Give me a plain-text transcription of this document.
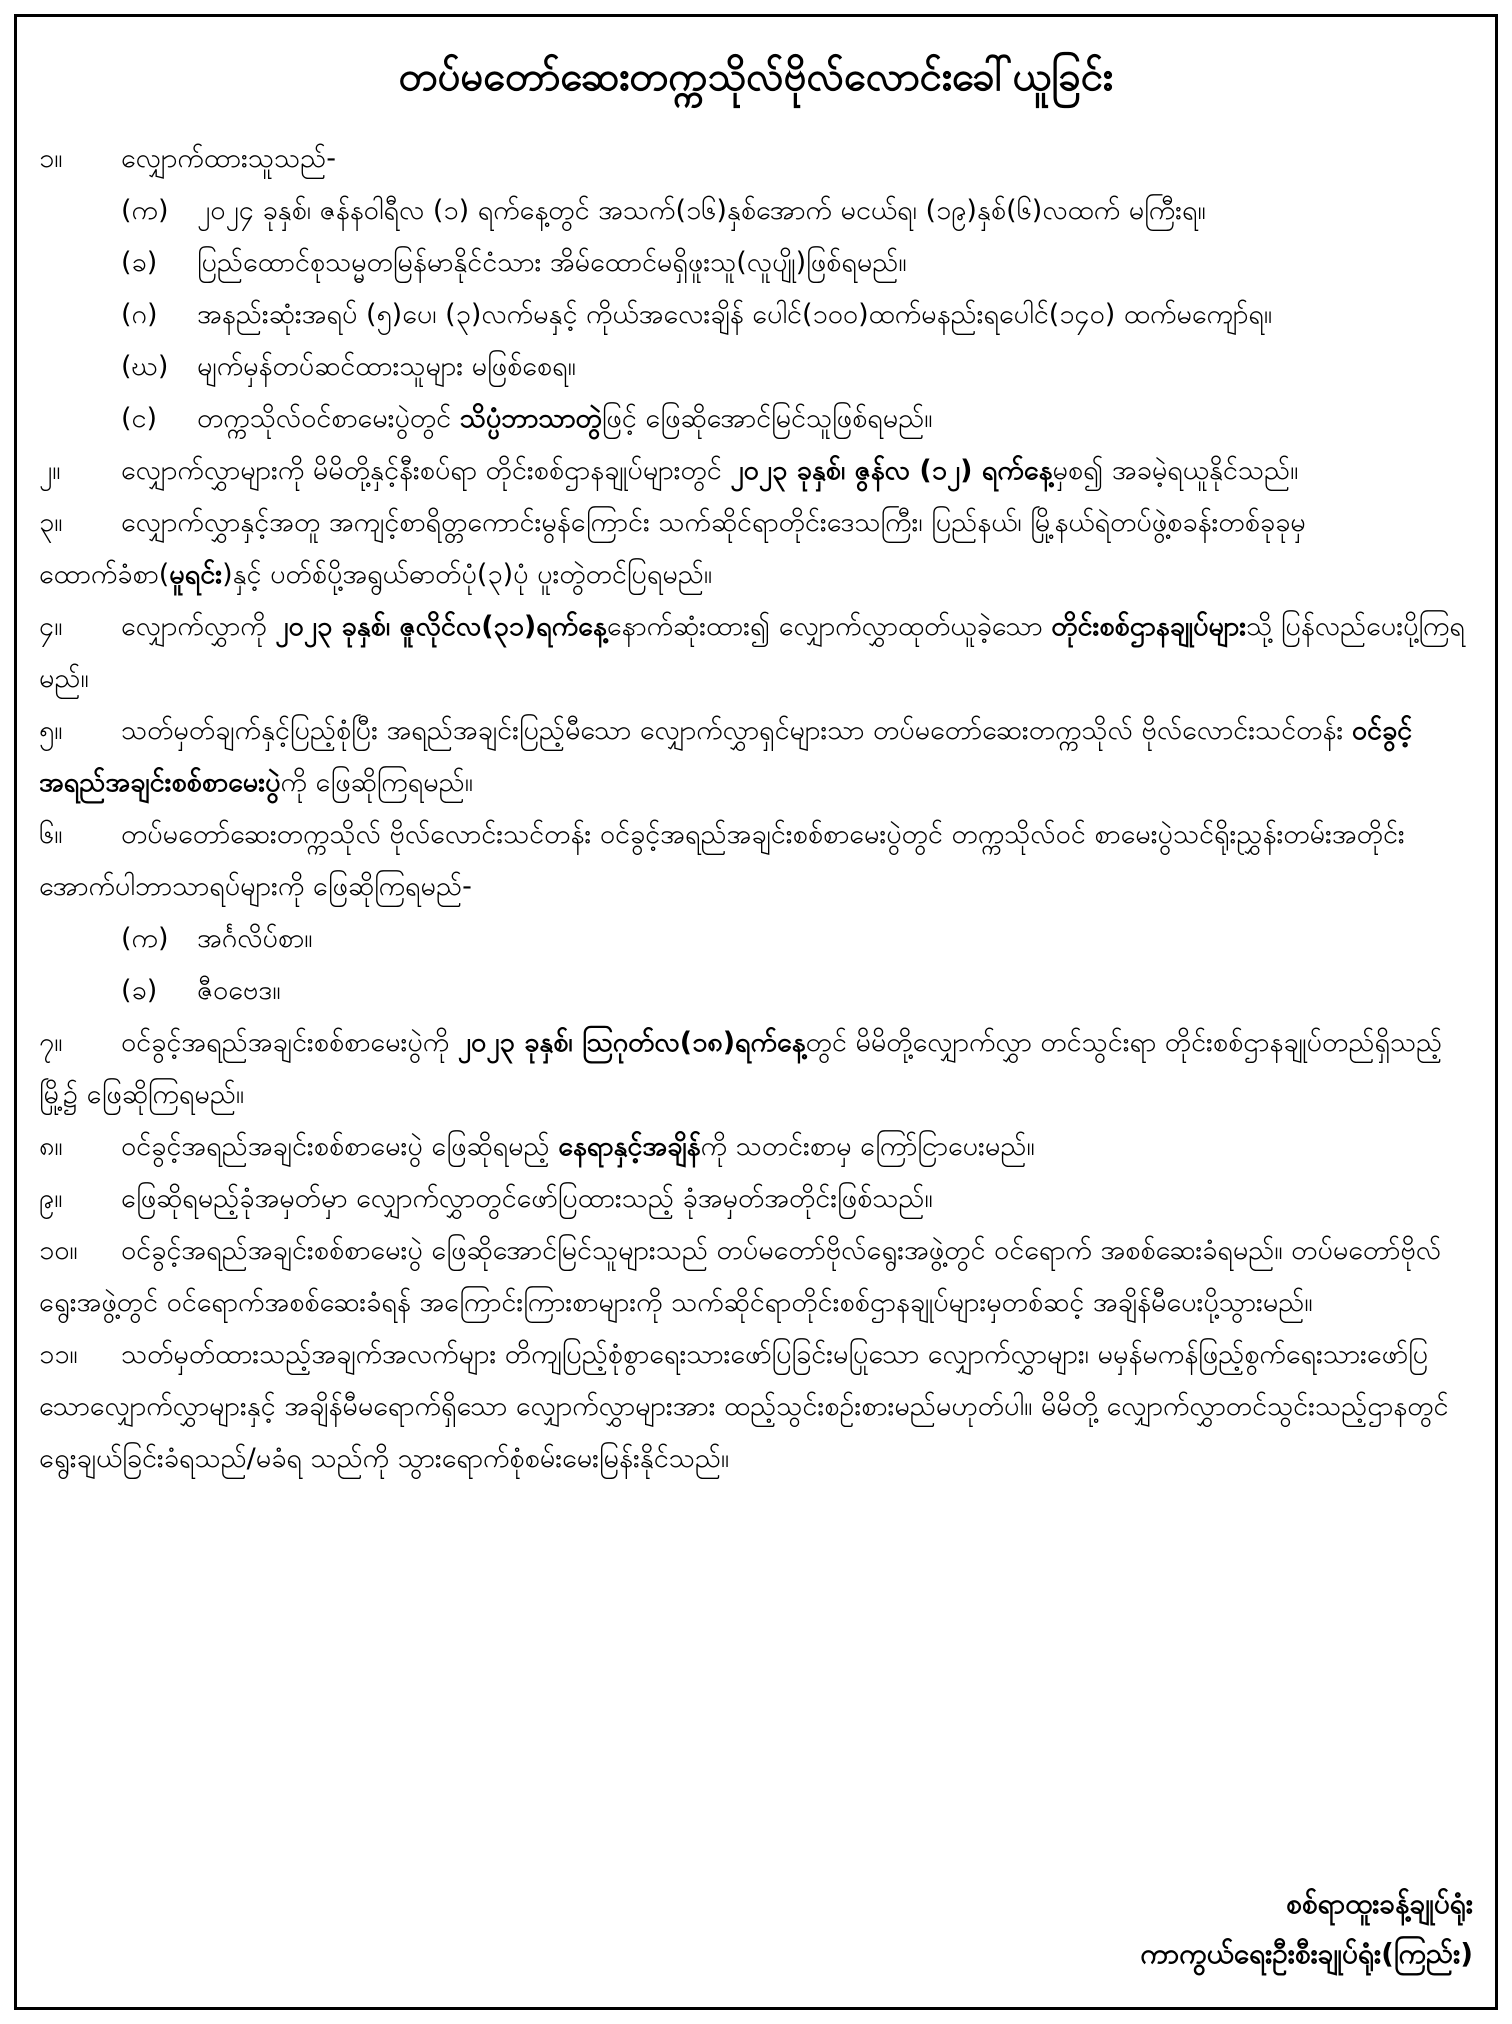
တပ်မတော်ဆေးတက္ကသိုလ်ဗိုလ်လောင်းခေါ်ယူခြင်း

၁။ လျှောက်ထားသူသည်-

(က) ၂၀၂၄ ခုနှစ်၊ ဇန်နဝါရီလ (၁) ရက်နေ့တွင် အသက်(၁၆)နှစ်အောက် မငယ်ရ၊ (၁၉)နှစ်(၆)လထက် မကြီးရ။

(ခ) ပြည်ထောင်စုသမ္မတမြန်မာနိုင်ငံသား အိမ်ထောင်မရှိဖူးသူ(လူပျို)ဖြစ်ရမည်။

(ဂ) အနည်းဆုံးအရပ် (၅)ပေ၊ (၃)လက်မနှင့် ကိုယ်အလေးချိန် ပေါင်(၁၀၀)ထက်မနည်းရပေါင်(၁၄၀) ထက်မကျော်ရ။

(ဃ) မျက်မှန်တပ်ဆင်ထားသူများ မဖြစ်စေရ။

(င) တက္ကသိုလ်ဝင်စာမေးပွဲတွင် သိပ္ပံဘာသာတွဲဖြင့် ဖြေဆိုအောင်မြင်သူဖြစ်ရမည်။

၂။ လျှောက်လွှာများကို မိမိတို့နှင့်နီးစပ်ရာ တိုင်းစစ်ဌာနချုပ်များတွင် ၂၀၂၃ ခုနှစ်၊ ဇွန်လ (၁၂) ရက်နေ့မှစ၍ အခမဲ့ရယူနိုင်သည်။

၃။ လျှောက်လွှာနှင့်အတူ အကျင့်စာရိတ္တကောင်းမွန်ကြောင်း သက်ဆိုင်ရာတိုင်းဒေသကြီး၊ ပြည်နယ်၊ မြို့နယ်ရဲတပ်ဖွဲ့စခန်းတစ်ခုခုမှ ထောက်ခံစာ(မူရင်း)နှင့် ပတ်စ်ပို့အရွယ်ဓာတ်ပုံ(၃)ပုံ ပူးတွဲတင်ပြရမည်။

၄။ လျှောက်လွှာကို ၂၀၂၃ ခုနှစ်၊ ဇူလိုင်လ(၃၁)ရက်နေ့နောက်ဆုံးထား၍ လျှောက်လွှာထုတ်ယူခဲ့သော တိုင်းစစ်ဌာနချုပ်များသို့ ပြန်လည်ပေးပို့ကြရမည်။

၅။ သတ်မှတ်ချက်နှင့်ပြည့်စုံပြီး အရည်အချင်းပြည့်မီသော လျှောက်လွှာရှင်များသာ တပ်မတော်ဆေးတက္ကသိုလ် ဗိုလ်လောင်းသင်တန်း ဝင်ခွင့်အရည်အချင်းစစ်စာမေးပွဲကို ဖြေဆိုကြရမည်။

၆။ တပ်မတော်ဆေးတက္ကသိုလ် ဗိုလ်လောင်းသင်တန်း ဝင်ခွင့်အရည်အချင်းစစ်စာမေးပွဲတွင် တက္ကသိုလ်ဝင် စာမေးပွဲသင်ရိုးညွှန်းတမ်းအတိုင်း အောက်ပါဘာသာရပ်များကို ဖြေဆိုကြရမည်-

(က) အင်္ဂလိပ်စာ။

(ခ) ဇီဝဗေဒ။

၇။ ဝင်ခွင့်အရည်အချင်းစစ်စာမေးပွဲကို ၂၀၂၃ ခုနှစ်၊ ဩဂုတ်လ(၁၈)ရက်နေ့တွင် မိမိတို့လျှောက်လွှာ တင်သွင်းရာ တိုင်းစစ်ဌာနချုပ်တည်ရှိသည့်မြို့၌ ဖြေဆိုကြရမည်။

၈။ ဝင်ခွင့်အရည်အချင်းစစ်စာမေးပွဲ ဖြေဆိုရမည့် နေရာနှင့်အချိန်ကို သတင်းစာမှ ကြော်ငြာပေးမည်။

၉။ ဖြေဆိုရမည့်ခုံအမှတ်မှာ လျှောက်လွှာတွင်ဖော်ပြထားသည့် ခုံအမှတ်အတိုင်းဖြစ်သည်။

၁၀။ ဝင်ခွင့်အရည်အချင်းစစ်စာမေးပွဲ ဖြေဆိုအောင်မြင်သူများသည် တပ်မတော်ဗိုလ်ရွေးအဖွဲ့တွင် ဝင်ရောက် အစစ်ဆေးခံရမည်။ တပ်မတော်ဗိုလ်ရွေးအဖွဲ့တွင် ဝင်ရောက်အစစ်ဆေးခံရန် အကြောင်းကြားစာများကို သက်ဆိုင်ရာတိုင်းစစ်ဌာနချုပ်များမှတစ်ဆင့် အချိန်မီပေးပို့သွားမည်။

၁၁။ သတ်မှတ်ထားသည့်အချက်အလက်များ တိကျပြည့်စုံစွာရေးသားဖော်ပြခြင်းမပြုသော လျှောက်လွှာများ၊ မမှန်မကန်ဖြည့်စွက်ရေးသားဖော်ပြသောလျှောက်လွှာများနှင့် အချိန်မီမရောက်ရှိသော လျှောက်လွှာများအား ထည့်သွင်းစဉ်းစားမည်မဟုတ်ပါ။ မိမိတို့ လျှောက်လွှာတင်သွင်းသည့်ဌာနတွင် ရွေးချယ်ခြင်းခံရသည်/မခံရ သည်ကို သွားရောက်စုံစမ်းမေးမြန်းနိုင်သည်။

စစ်ရာထူးခန့်ချုပ်ရုံး
ကာကွယ်ရေးဦးစီးချုပ်ရုံး(ကြည်း)
